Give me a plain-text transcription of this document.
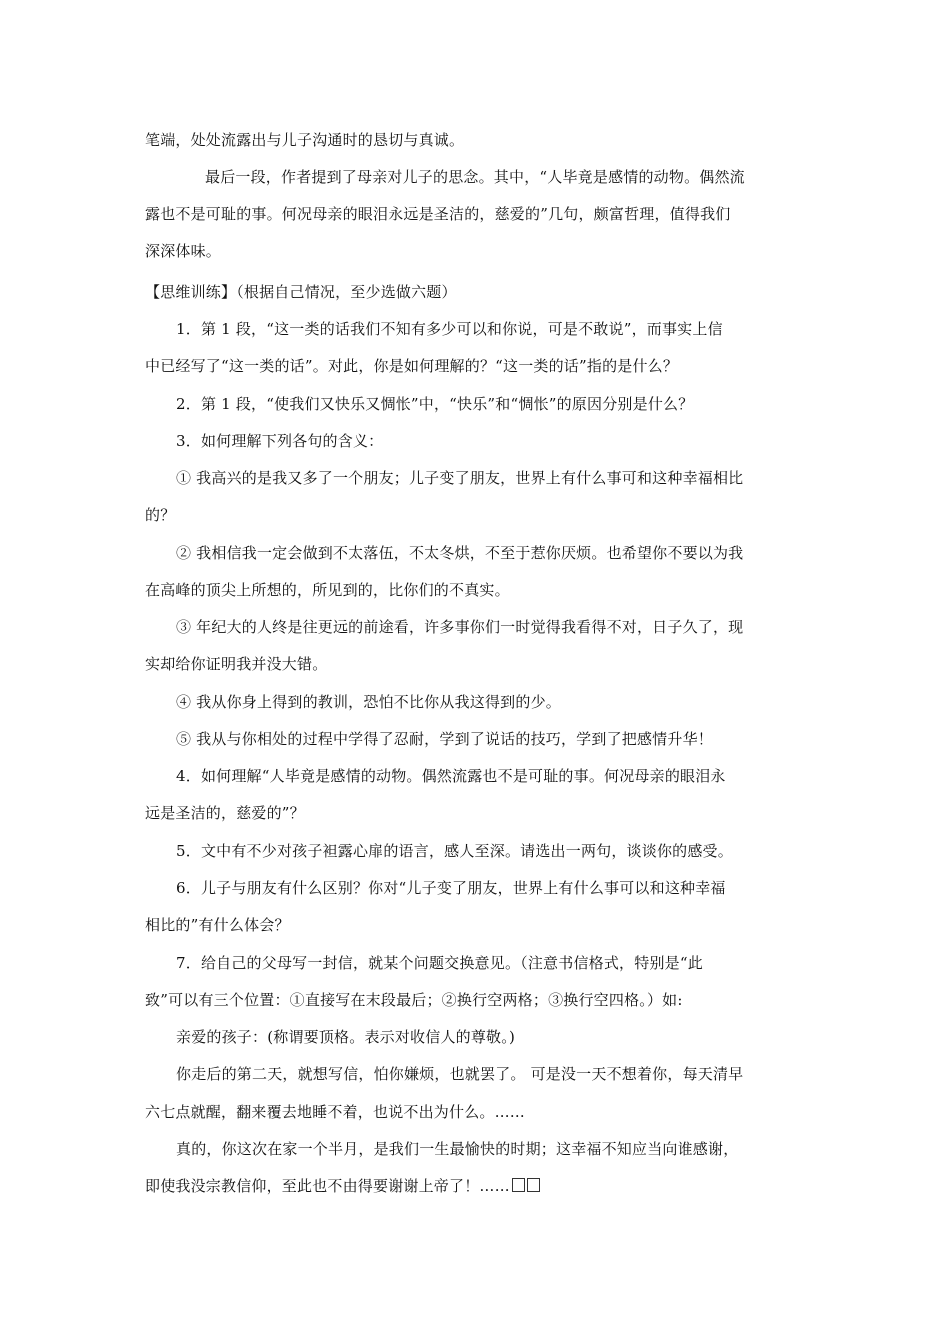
笔端，处处流露出与儿子沟通时的恳切与真诚。
最后一段，作者提到了母亲对儿子的思念。其中，“人毕竟是感情的动物。偶然流
露也不是可耻的事。何况母亲的眼泪永远是圣洁的，慈爱的”几句，颇富哲理，值得我们
深深体味。
【思维训练】（根据自己情况，至少选做六题）
1．第 1 段，“这一类的话我们不知有多少可以和你说，可是不敢说”，而事实上信
中已经写了“这一类的话”。对此，你是如何理解的？“这一类的话”指的是什么？
2．第 1 段，“使我们又快乐又惆怅”中，“快乐”和“惆怅”的原因分别是什么？
3．如何理解下列各句的含义：
① 我高兴的是我又多了一个朋友；儿子变了朋友，世界上有什么事可和这种幸福相比
的？
② 我相信我一定会做到不太落伍，不太冬烘，不至于惹你厌烦。也希望你不要以为我
在高峰的顶尖上所想的，所见到的，比你们的不真实。
③ 年纪大的人终是往更远的前途看，许多事你们一时觉得我看得不对，日子久了，现
实却给你证明我并没大错。
④ 我从你身上得到的教训，恐怕不比你从我这得到的少。
⑤ 我从与你相处的过程中学得了忍耐，学到了说话的技巧，学到了把感情升华！
4．如何理解“人毕竟是感情的动物。偶然流露也不是可耻的事。何况母亲的眼泪永
远是圣洁的，慈爱的”？
5．文中有不少对孩子袒露心扉的语言，感人至深。请选出一两句，谈谈你的感受。
6．儿子与朋友有什么区别？你对“儿子变了朋友，世界上有什么事可以和这种幸福
相比的”有什么体会？
7．给自己的父母写一封信，就某个问题交换意见。（注意书信格式，特别是“此
致”可以有三个位置：①直接写在末段最后；②换行空两格；③换行空四格。）如:
亲爱的孩子：(称谓要顶格。表示对收信人的尊敬。)
你走后的第二天，就想写信，怕你嫌烦，也就罢了。 可是没一天不想着你，每天清早
六七点就醒，翻来覆去地睡不着，也说不出为什么。……
真的，你这次在家一个半月，是我们一生最愉快的时期；这幸福不知应当向谁感谢，
即使我没宗教信仰，至此也不由得要谢谢上帝了！……
